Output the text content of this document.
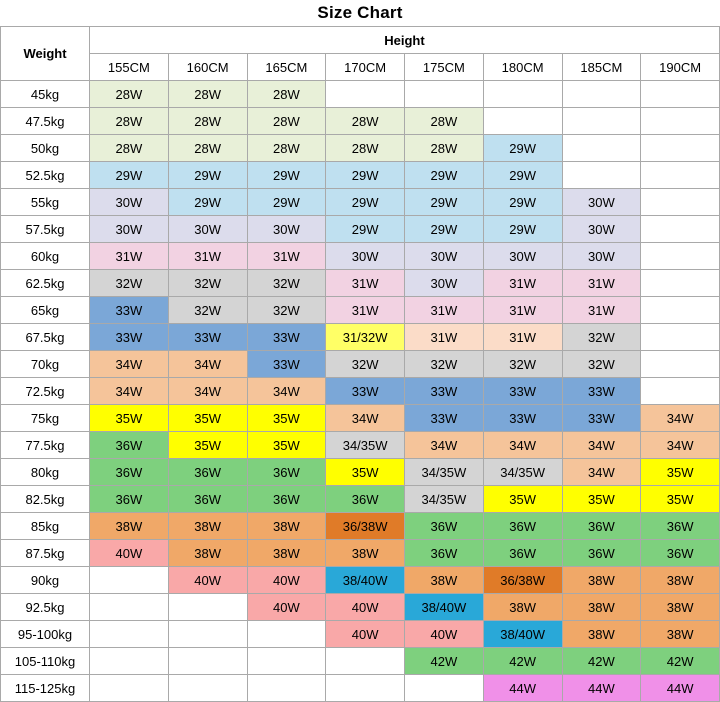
Size Chart
Weight	Height							
	155CM	160CM	165CM	170CM	175CM	180CM	185CM	190CM
45kg	28W	28W	28W					
47.5kg	28W	28W	28W	28W	28W			
50kg	28W	28W	28W	28W	28W	29W		
52.5kg	29W	29W	29W	29W	29W	29W		
55kg	30W	29W	29W	29W	29W	29W	30W	
57.5kg	30W	30W	30W	29W	29W	29W	30W	
60kg	31W	31W	31W	30W	30W	30W	30W	
62.5kg	32W	32W	32W	31W	30W	31W	31W	
65kg	33W	32W	32W	31W	31W	31W	31W	
67.5kg	33W	33W	33W	31/32W	31W	31W	32W	
70kg	34W	34W	33W	32W	32W	32W	32W	
72.5kg	34W	34W	34W	33W	33W	33W	33W	
75kg	35W	35W	35W	34W	33W	33W	33W	34W
77.5kg	36W	35W	35W	34/35W	34W	34W	34W	34W
80kg	36W	36W	36W	35W	34/35W	34/35W	34W	35W
82.5kg	36W	36W	36W	36W	34/35W	35W	35W	35W
85kg	38W	38W	38W	36/38W	36W	36W	36W	36W
87.5kg	40W	38W	38W	38W	36W	36W	36W	36W
90kg		40W	40W	38/40W	38W	36/38W	38W	38W
92.5kg			40W	40W	38/40W	38W	38W	38W
95-100kg				40W	40W	38/40W	38W	38W
105-110kg					42W	42W	42W	42W
115-125kg						44W	44W	44W
